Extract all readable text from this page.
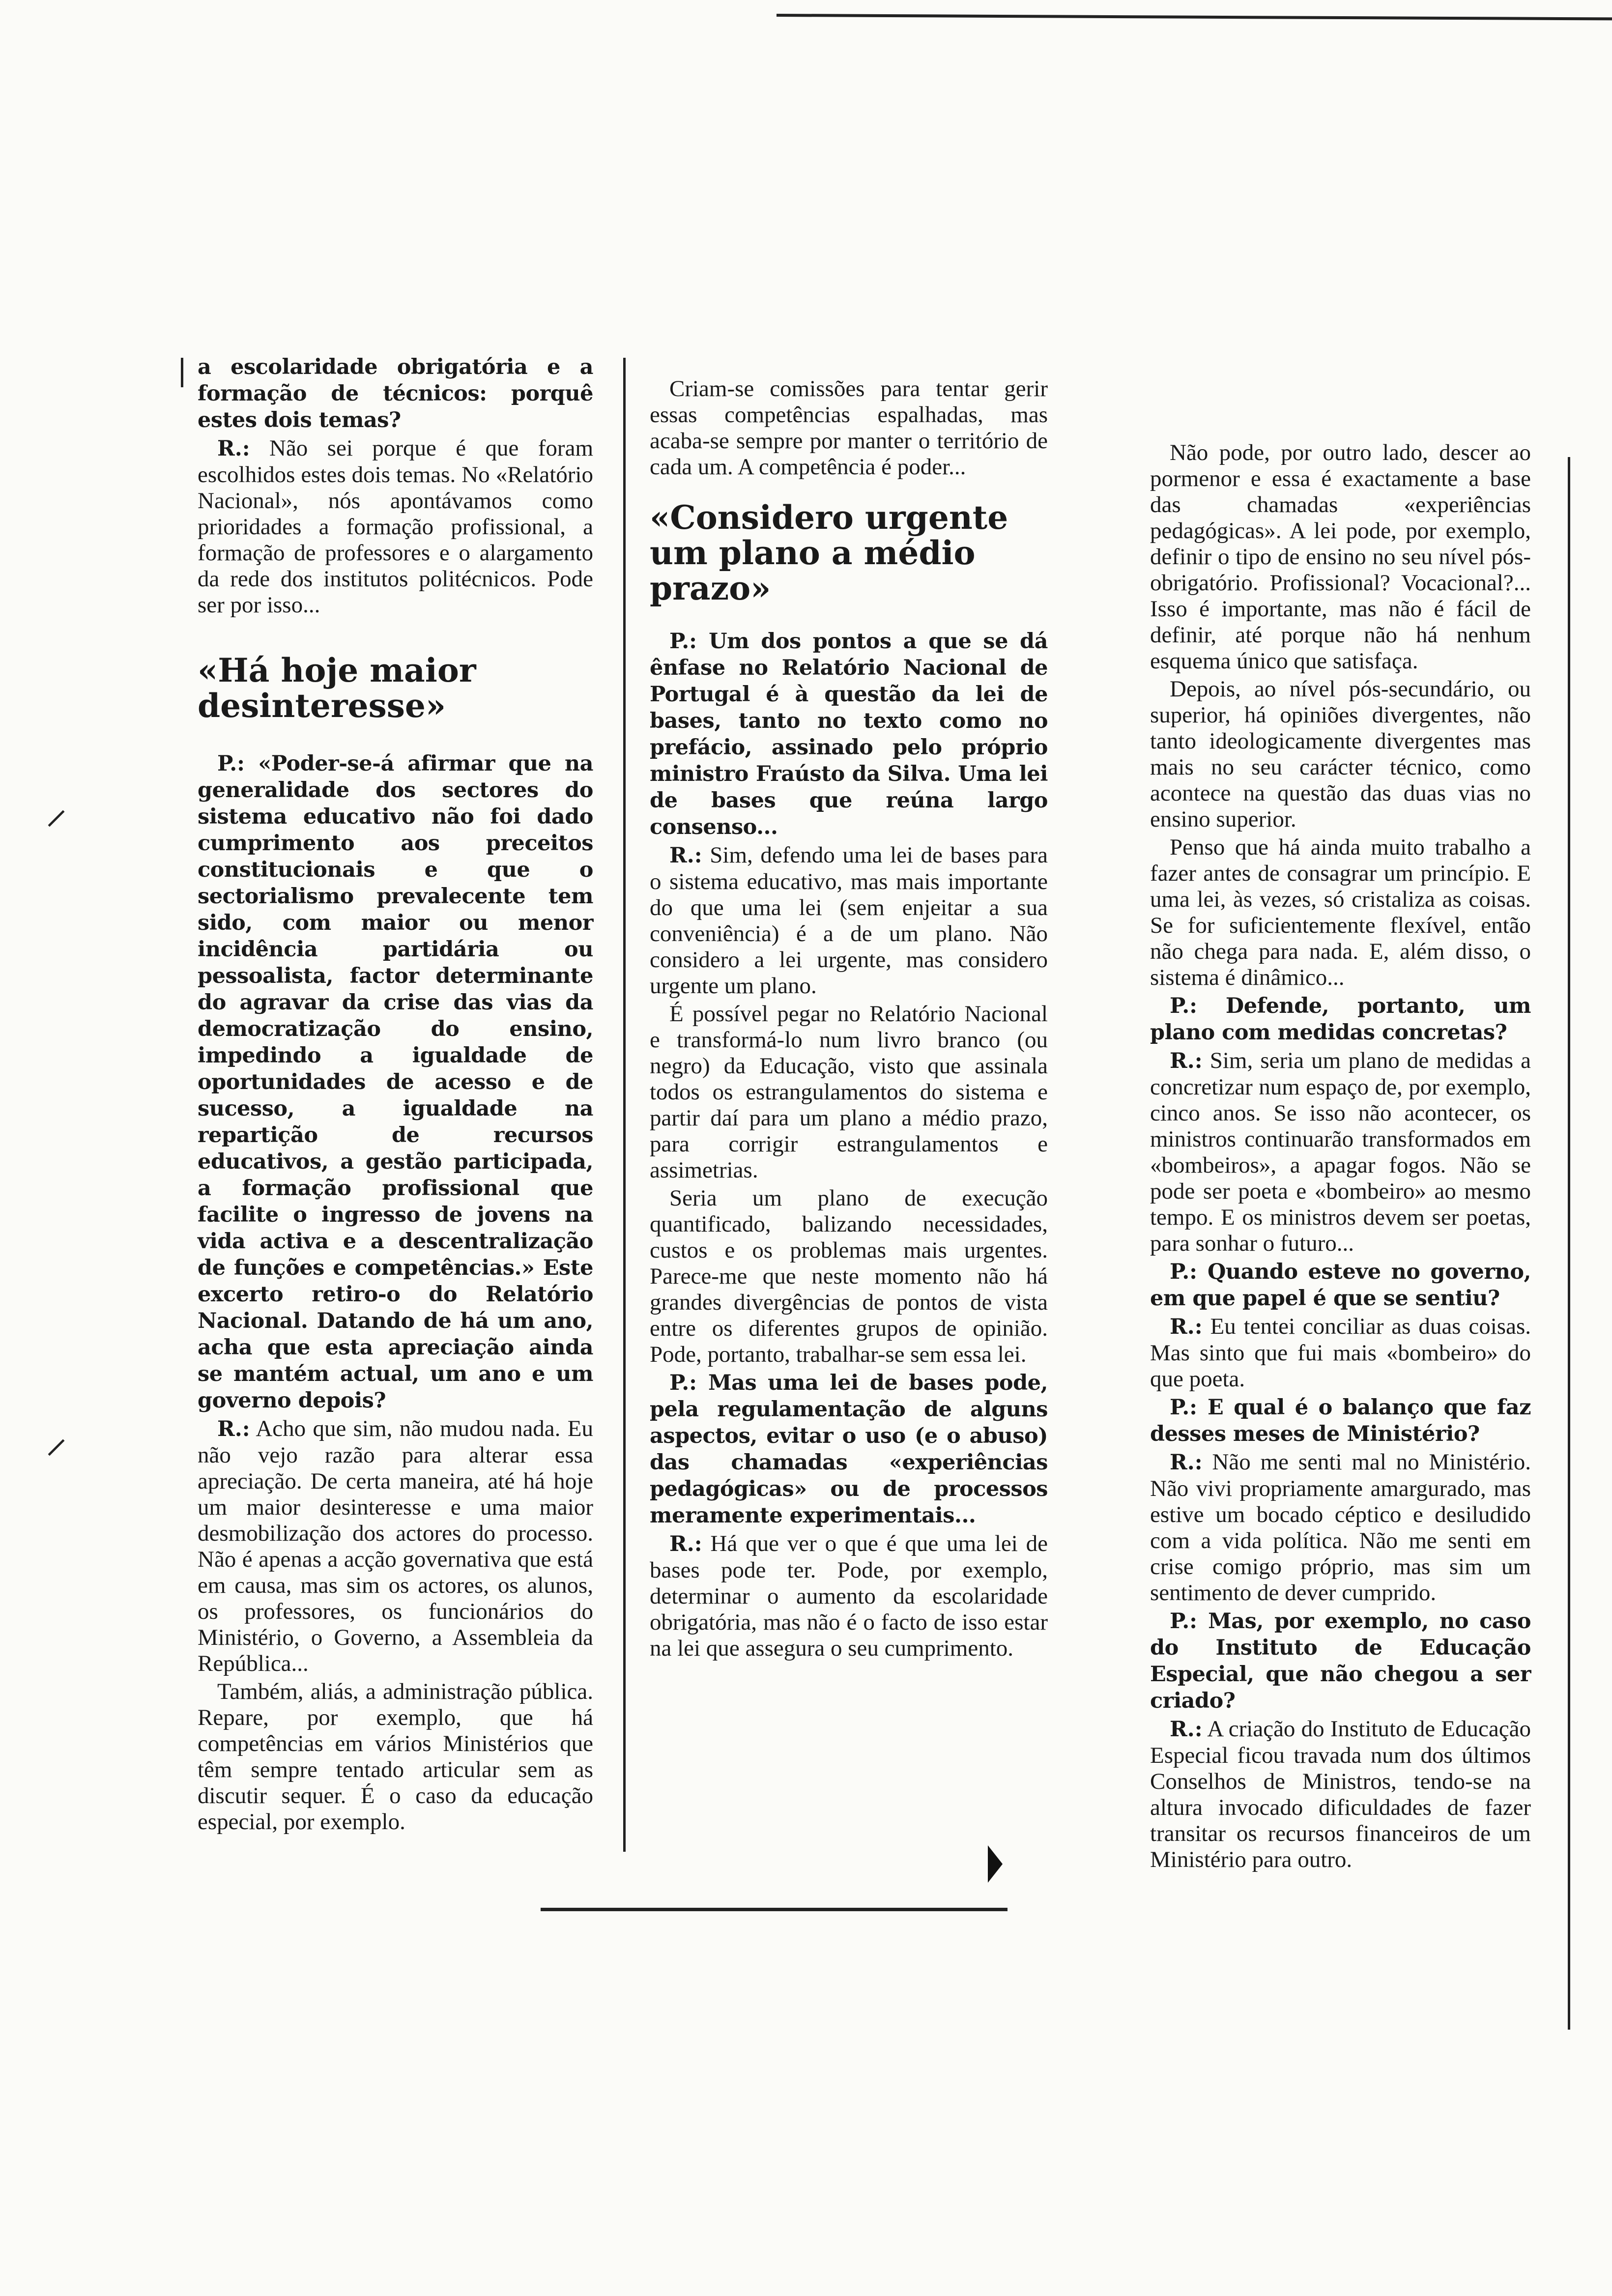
⸝
⸝

a escolaridade obrigatória e a formação de técnicos: porquê estes dois temas?

R.: Não sei porque é que foram escolhidos estes dois temas. No «Relatório Nacional», nós apontávamos como prioridades a formação profissional, a formação de professores e o alargamento da rede dos institutos politécnicos. Pode ser por isso...

«Há hoje maior desinteresse»

P.: «Poder-se-á afirmar que na generalidade dos sectores do sistema educativo não foi dado cumprimento aos preceitos constitucionais e que o sectorialismo prevalecente tem sido, com maior ou menor incidência partidária ou pessoalista, factor determinante do agravar da crise das vias da democratização do ensino, impedindo a igualdade de oportunidades de acesso e de sucesso, a igualdade na repartição de recursos educativos, a gestão participada, a formação profissional que facilite o ingresso de jovens na vida activa e a descentralização de funções e competências.» Este excerto retiro-o do Relatório Nacional. Datando de há um ano, acha que esta apreciação ainda se mantém actual, um ano e um governo depois?

R.: Acho que sim, não mudou nada. Eu não vejo razão para alterar essa apreciação. De certa maneira, até há hoje um maior desinteresse e uma maior desmobilização dos actores do processo. Não é apenas a acção governativa que está em causa, mas sim os actores, os alunos, os professores, os funcionários do Ministério, o Governo, a Assembleia da República...

Também, aliás, a administração pública. Repare, por exemplo, que há competências em vários Ministérios que têm sempre tentado articular sem as discutir sequer. É o caso da educação especial, por exemplo.

Criam-se comissões para tentar gerir essas competências espalhadas, mas acaba-se sempre por manter o território de cada um. A competência é poder...

«Considero urgente um plano a médio prazo»

P.: Um dos pontos a que se dá ênfase no Relatório Nacional de Portugal é à questão da lei de bases, tanto no texto como no prefácio, assinado pelo próprio ministro Fraústo da Silva. Uma lei de bases que reúna largo consenso...

R.: Sim, defendo uma lei de bases para o sistema educativo, mas mais importante do que uma lei (sem enjeitar a sua conveniência) é a de um plano. Não considero a lei urgente, mas considero urgente um plano.

É possível pegar no Relatório Nacional e transformá-lo num livro branco (ou negro) da Educação, visto que assinala todos os estrangulamentos do sistema e partir daí para um plano a médio prazo, para corrigir estrangulamentos e assimetrias.

Seria um plano de execução quantificado, balizando necessidades, custos e os problemas mais urgentes. Parece-me que neste momento não há grandes divergências de pontos de vista entre os diferentes grupos de opinião. Pode, portanto, trabalhar-se sem essa lei.

P.: Mas uma lei de bases pode, pela regulamentação de alguns aspectos, evitar o uso (e o abuso) das chamadas «experiências pedagógicas» ou de processos meramente experimentais...

R.: Há que ver o que é que uma lei de bases pode ter. Pode, por exemplo, determinar o aumento da escolaridade obrigatória, mas não é o facto de isso estar na lei que assegura o seu cumprimento.

Não pode, por outro lado, descer ao pormenor e essa é exactamente a base das chamadas «experiências pedagógicas». A lei pode, por exemplo, definir o tipo de ensino no seu nível pós-obrigatório. Profissional? Vocacional?... Isso é importante, mas não é fácil de definir, até porque não há nenhum esquema único que satisfaça.

Depois, ao nível pós-secundário, ou superior, há opiniões divergentes, não tanto ideologicamente divergentes mas mais no seu carácter técnico, como acontece na questão das duas vias no ensino superior.

Penso que há ainda muito trabalho a fazer antes de consagrar um princípio. E uma lei, às vezes, só cristaliza as coisas. Se for suficientemente flexível, então não chega para nada. E, além disso, o sistema é dinâmico...

P.: Defende, portanto, um plano com medidas concretas?

R.: Sim, seria um plano de medidas a concretizar num espaço de, por exemplo, cinco anos. Se isso não acontecer, os ministros continuarão transformados em «bombeiros», a apagar fogos. Não se pode ser poeta e «bombeiro» ao mesmo tempo. E os ministros devem ser poetas, para sonhar o futuro...

P.: Quando esteve no governo, em que papel é que se sentiu?

R.: Eu tentei conciliar as duas coisas. Mas sinto que fui mais «bombeiro» do que poeta.

P.: E qual é o balanço que faz desses meses de Ministério?

R.: Não me senti mal no Ministério. Não vivi propriamente amargurado, mas estive um bocado céptico e desiludido com a vida política. Não me senti em crise comigo próprio, mas sim um sentimento de dever cumprido.

P.: Mas, por exemplo, no caso do Instituto de Educação Especial, que não chegou a ser criado?

R.: A criação do Instituto de Educação Especial ficou travada num dos últimos Conselhos de Ministros, tendo-se na altura invocado dificuldades de fazer transitar os recursos financeiros de um Ministério para outro.
